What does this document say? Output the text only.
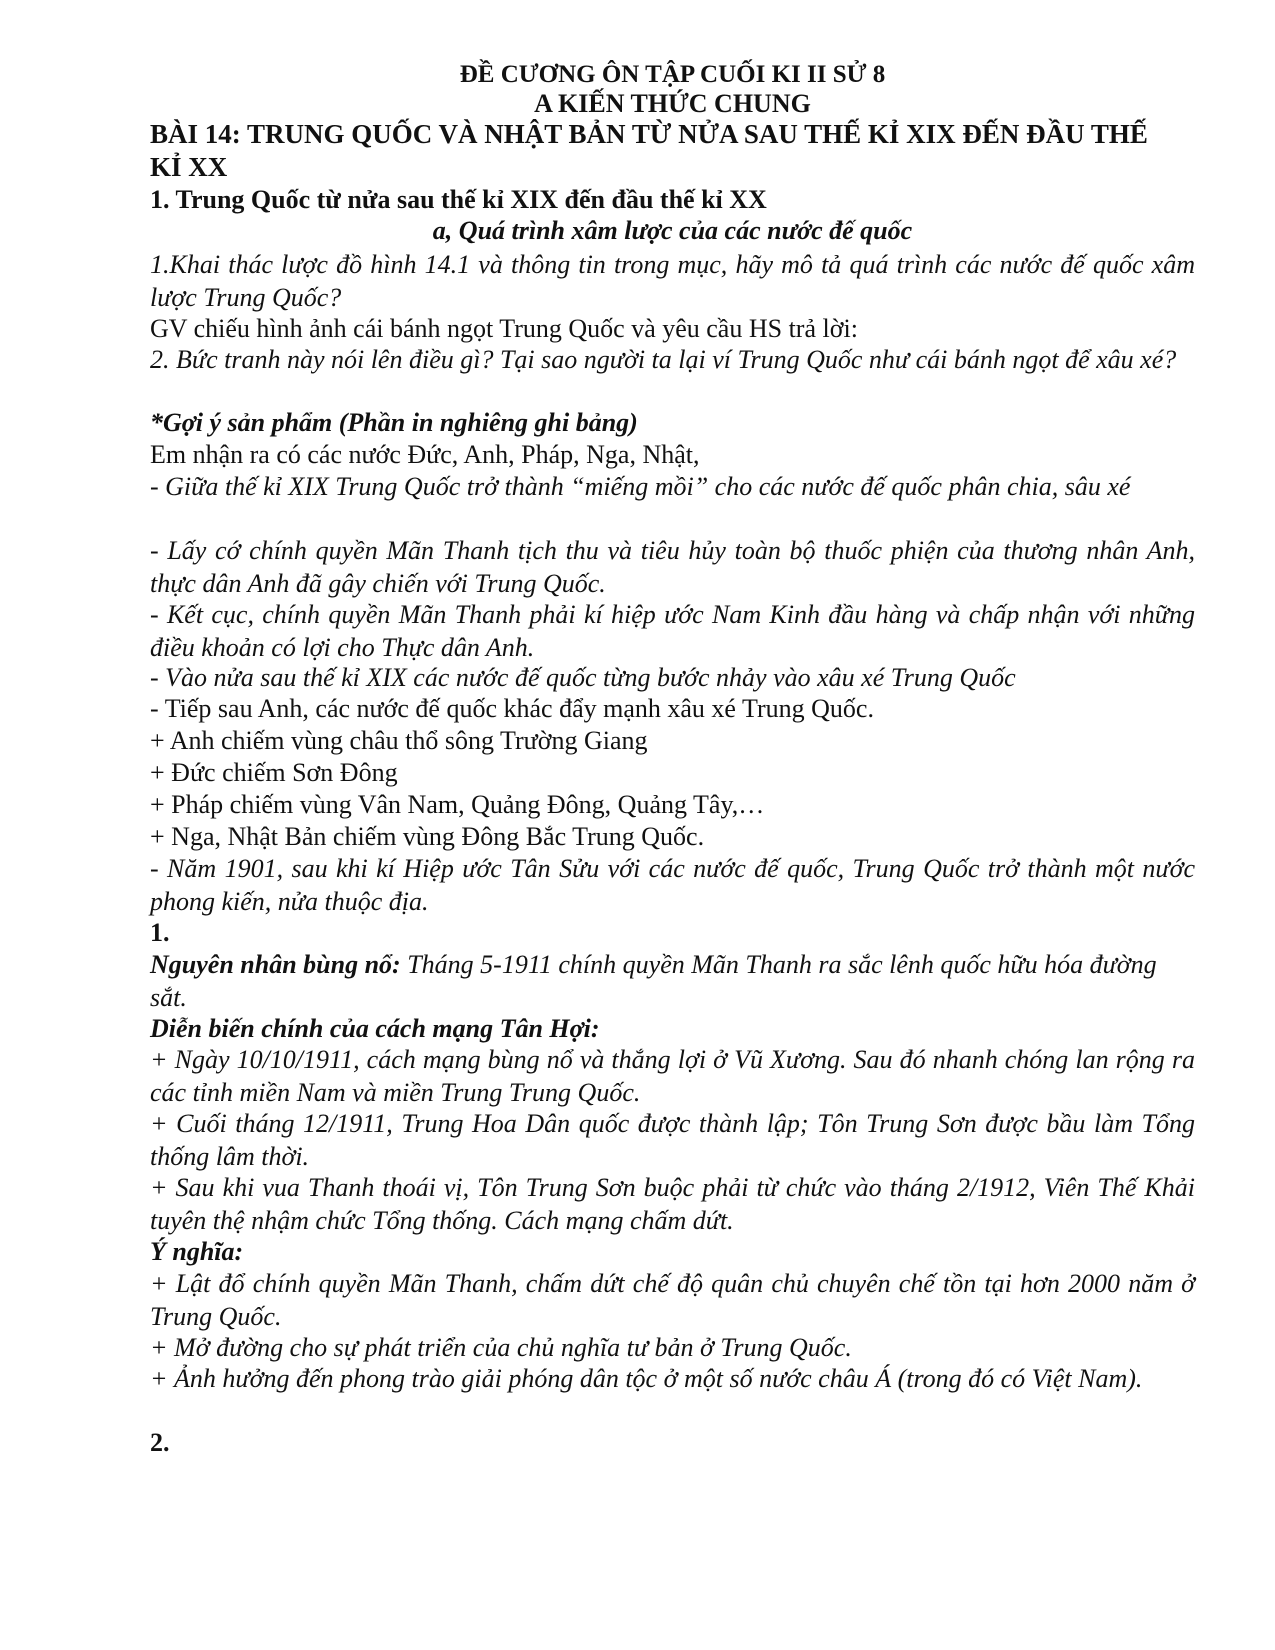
ĐỀ CƯƠNG ÔN TẬP CUỐI KI II SỬ 8

A KIẾN THỨC CHUNG

BÀI 14: TRUNG QUỐC VÀ NHẬT BẢN TỪ NỬA SAU THẾ KỈ XIX ĐẾN ĐẦU THẾ KỈ XX

1. Trung Quốc từ nửa sau thế kỉ XIX đến đầu thế kỉ XX

a, Quá trình xâm lược của các nước đế quốc

1.Khai thác lược đồ hình 14.1 và thông tin trong mục, hãy mô tả quá trình các nước đế quốc xâm lược Trung Quốc?

GV chiếu hình ảnh cái bánh ngọt Trung Quốc và yêu cầu HS trả lời:

2. Bức tranh này nói lên điều gì? Tại sao người ta lại ví Trung Quốc như cái bánh ngọt để xâu xé?

*Gợi ý sản phẩm (Phần in nghiêng ghi bảng)

Em nhận ra có các nước Đức, Anh, Pháp, Nga, Nhật,

- Giữa thế kỉ XIX Trung Quốc trở thành “miếng mồi” cho các nước đế quốc phân chia, sâu xé

- Lấy cớ chính quyền Mãn Thanh tịch thu và tiêu hủy toàn bộ thuốc phiện của thương nhân Anh, thực dân Anh đã gây chiến với Trung Quốc.

- Kết cục, chính quyền Mãn Thanh phải kí hiệp ước Nam Kinh đầu hàng và chấp nhận với những điều khoản có lợi cho Thực dân Anh.

- Vào nửa sau thế kỉ XIX các nước đế quốc từng bước nhảy vào xâu xé Trung Quốc

- Tiếp sau Anh, các nước đế quốc khác đẩy mạnh xâu xé Trung Quốc.

+ Anh chiếm vùng châu thổ sông Trường Giang

+ Đức chiếm Sơn Đông

+ Pháp chiếm vùng Vân Nam, Quảng Đông, Quảng Tây,…

+ Nga, Nhật Bản chiếm vùng Đông Bắc Trung Quốc.

- Năm 1901, sau khi kí Hiệp ước Tân Sửu với các nước đế quốc, Trung Quốc trở thành một nước phong kiến, nửa thuộc địa.

1.

Nguyên nhân bùng nổ: Tháng 5-1911 chính quyền Mãn Thanh ra sắc lênh quốc hữu hóa đường sắt.

Diễn biến chính của cách mạng Tân Hợi:

+ Ngày 10/10/1911, cách mạng bùng nổ và thắng lợi ở Vũ Xương. Sau đó nhanh chóng lan rộng ra các tỉnh miền Nam và miền Trung Trung Quốc.

+ Cuối tháng 12/1911, Trung Hoa Dân quốc được thành lập; Tôn Trung Sơn được bầu làm Tổng thống lâm thời.

+ Sau khi vua Thanh thoái vị, Tôn Trung Sơn buộc phải từ chức vào tháng 2/1912, Viên Thế Khải tuyên thệ nhậm chức Tổng thống. Cách mạng chấm dứt.

Ý nghĩa:

+ Lật đổ chính quyền Mãn Thanh, chấm dứt chế độ quân chủ chuyên chế tồn tại hơn 2000 năm ở Trung Quốc.

+ Mở đường cho sự phát triển của chủ nghĩa tư bản ở Trung Quốc.

+ Ảnh hưởng đến phong trào giải phóng dân tộc ở một số nước châu Á (trong đó có Việt Nam).

2.
